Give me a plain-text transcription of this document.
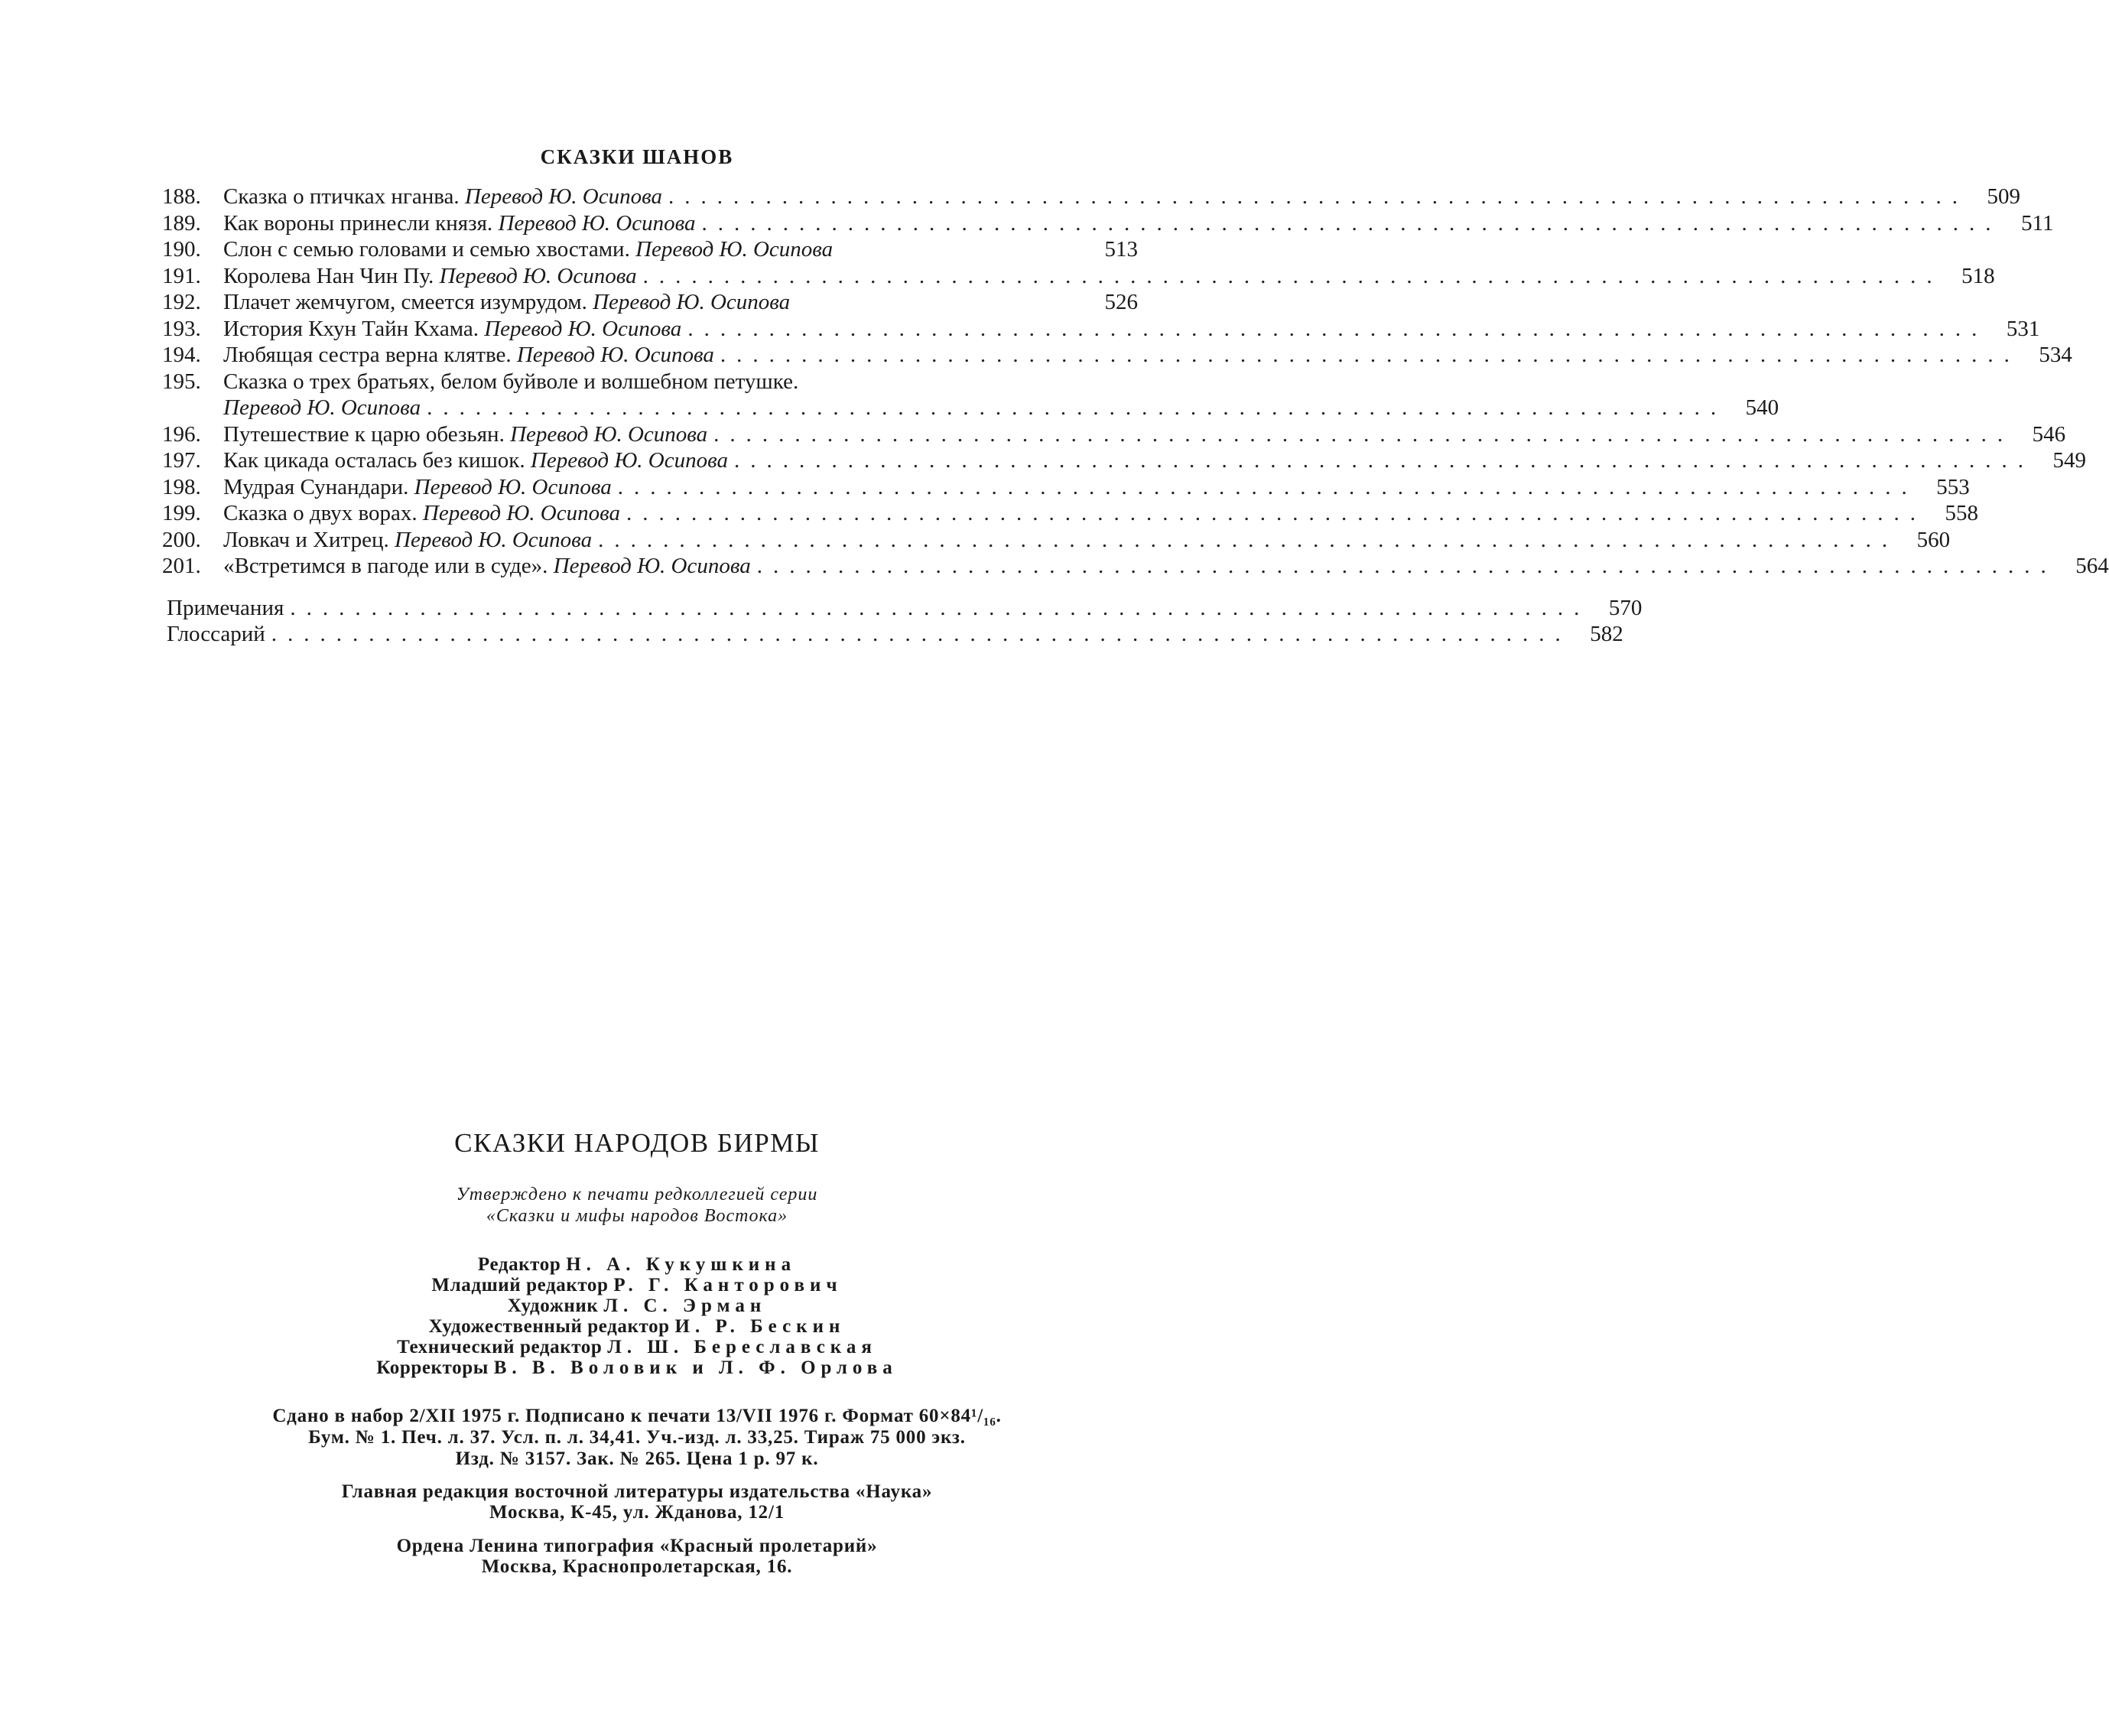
СКАЗКИ ШАНОВ
188.	Сказка о птичках нганва. Перевод Ю. Осипова ................................................................................ 509
189.	Как вороны принесли князя. Перевод Ю. Осипова ................................................................................ 511
190.	Слон с семью головами и семью хвостами. Перевод Ю. Осипова	513
191.	Королева Нан Чин Пу. Перевод Ю. Осипова ................................................................................ 518
192.	Плачет жемчугом, смеется изумрудом. Перевод Ю. Осипова	526
193.	История Кхун Тайн Кхама. Перевод Ю. Осипова ................................................................................ 531
194.	Любящая сестра верна клятве. Перевод Ю. Осипова ................................................................................ 534
195.	Сказка о трех братьях, белом буйволе и волшебном петушке.
Перевод Ю. Осипова ................................................................................ 540
196.	Путешествие к царю обезьян. Перевод Ю. Осипова ................................................................................ 546
197.	Как цикада осталась без кишок. Перевод Ю. Осипова ................................................................................ 549
198.	Мудрая Сунандари. Перевод Ю. Осипова ................................................................................ 553
199.	Сказка о двух ворах. Перевод Ю. Осипова ................................................................................ 558
200.	Ловкач и Хитрец. Перевод Ю. Осипова ................................................................................ 560
201.	«Встретимся в пагоде или в суде». Перевод Ю. Осипова ................................................................................ 564
Примечания ................................................................................ 570
Глоссарий ................................................................................ 582
СКАЗКИ НАРОДОВ БИРМЫ
Утверждено к печати редколлегией серии
«Сказки и мифы народов Востока»
Редактор Н. А. Кукушкина
Младший редактор Р. Г. Канторович
Художник Л. С. Эрман
Художественный редактор И. Р. Бескин
Технический редактор Л. Ш. Береславская
Корректоры В. В. Воловик и Л. Ф. Орлова
Сдано в набор 2/XII 1975 г. Подписано к печати 13/VII 1976 г. Формат 60×84¹/₁₆.
Бум. № 1. Печ. л. 37. Усл. п. л. 34,41. Уч.-изд. л. 33,25. Тираж 75 000 экз.
Изд. № 3157. Зак. № 265. Цена 1 р. 97 к.
Главная редакция восточной литературы издательства «Наука»
Москва, К-45, ул. Жданова, 12/1
Ордена Ленина типография «Красный пролетарий»
Москва, Краснопролетарская, 16.
